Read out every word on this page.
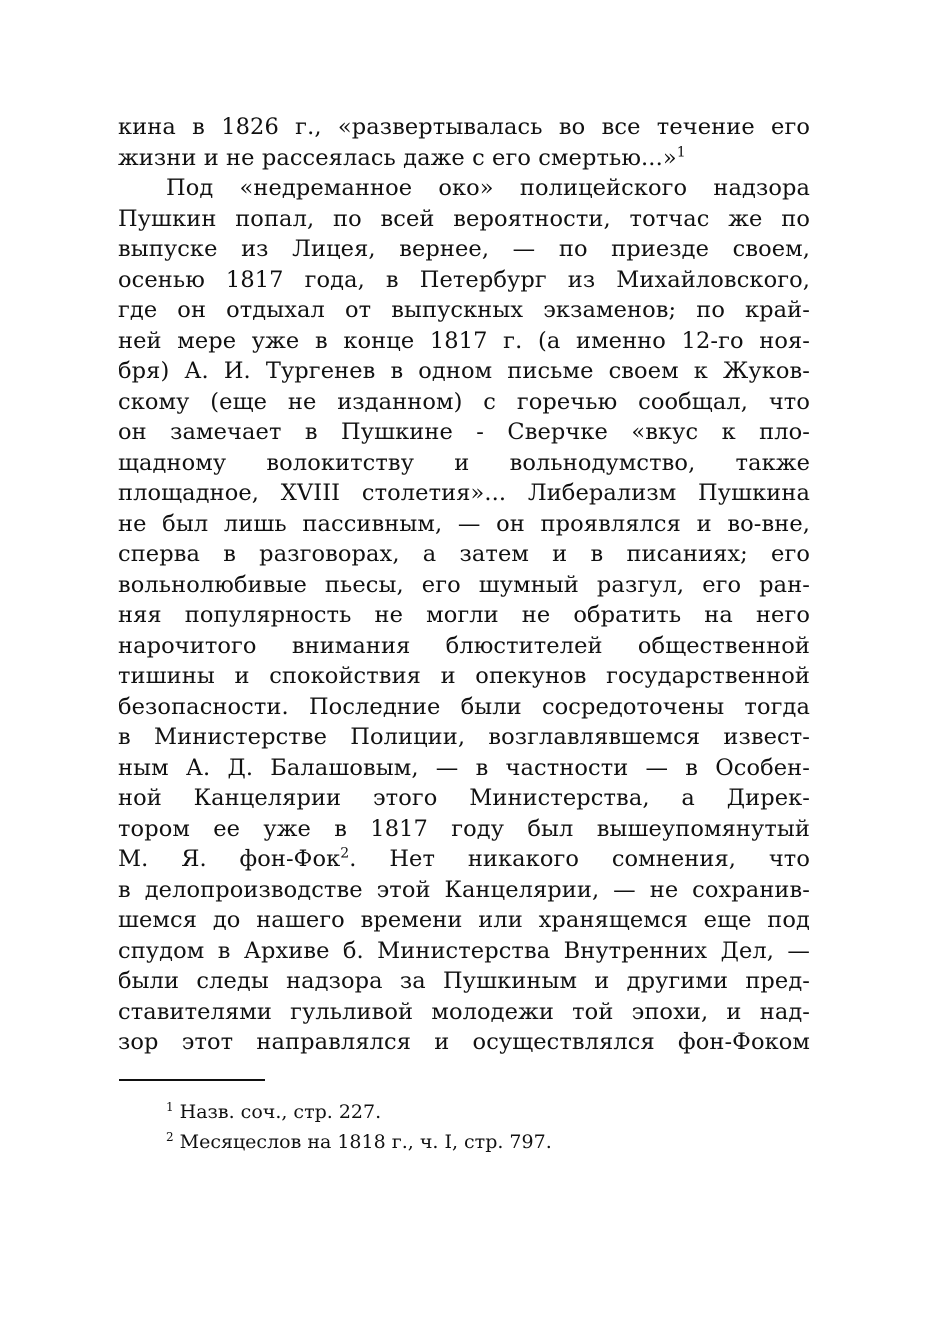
кина в 1826 г., «развертывалась во все течение его
жизни и не рассеялась даже с его смертью...»$^1$
Под «недреманное око» полицейского надзора
Пушкин попал, по всей вероятности, тотчас же по
выпуске из Лицея, вернее, — по приезде своем,
осенью 1817 года, в Петербург из Михайловского,
где он отдыхал от выпускных экзаменов; по край-
ней мере уже в конце 1817 г. (а именно 12-го ноя-
бря) А. И. Тургенев в одном письме своем к Жуков-
скому (еще не изданном) с горечью сообщал, что
он замечает в Пушкине - Сверчке «вкус к пло-
щадному волокитству и вольнодумство, также
площадное, XVIII столетия»... Либерализм Пушкина
не был лишь пассивным, — он проявлялся и во-вне,
сперва в разговорах, а затем и в писаниях; его
вольнолюбивые пьесы, его шумный разгул, его ран-
няя популярность не могли не обратить на него
нарочитого внимания блюстителей общественной
тишины и спокойствия и опекунов государственной
безопасности. Последние были сосредоточены тогда
в Министерстве Полиции, возглавлявшемся извест-
ным А. Д. Балашовым, — в частности — в Особен-
ной Канцелярии этого Министерства, а Дирек-
тором ее уже в 1817 году был вышеупомянутый
М. Я. фон-Фок$^2$. Нет никакого сомнения, что
в делопроизводстве этой Канцелярии, — не сохранив-
шемся до нашего времени или хранящемся еще под
спудом в Архиве б. Министерства Внутренних Дел, —
были следы надзора за Пушкиным и другими пред-
ставителями гульливой молодежи той эпохи, и над-
зор этот направлялся и осуществлялся фон-Фоком
$^1$ Назв. соч., стр. 227.
$^2$ Месяцеслов на 1818 г., ч. I, стр. 797.
